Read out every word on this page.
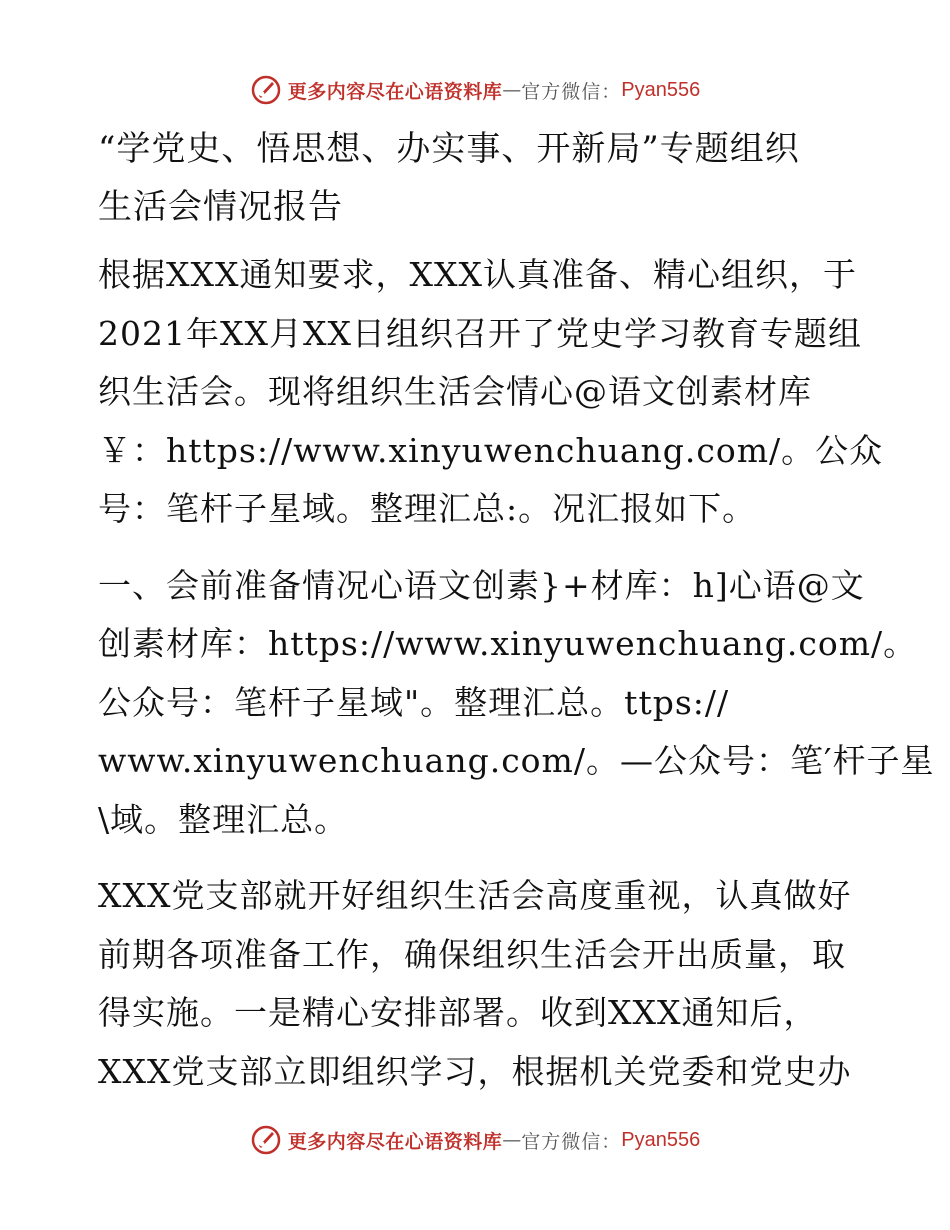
更多内容尽在心语资料库 — 官方微信： Pyan556
“学党史、悟思想、办实事、开新局”专题组织
生活会情况报告
根据XXX通知要求，XXX认真准备、精心组织，于
2021年XX月XX日组织召开了党史学习教育专题组
织生活会。现将组织生活会情心@语文创素材库
￥：https://www.xinyuwenchuang.com/。公众
号：笔杆子星域。整理汇总:。况汇报如下。
一、会前准备情况心语文创素}+材库：h]心语@文
创素材库：https://www.xinyuwenchuang.com/。
公众号：笔杆子星域"。整理汇总。ttps://
www.xinyuwenchuang.com/。—公众号：笔′杆子星
\域。整理汇总。
XXX党支部就开好组织生活会高度重视，认真做好
前期各项准备工作，确保组织生活会开出质量，取
得实施。一是精心安排部署。收到XXX通知后，
XXX党支部立即组织学习，根据机关党委和党史办
更多内容尽在心语资料库 — 官方微信： Pyan556
